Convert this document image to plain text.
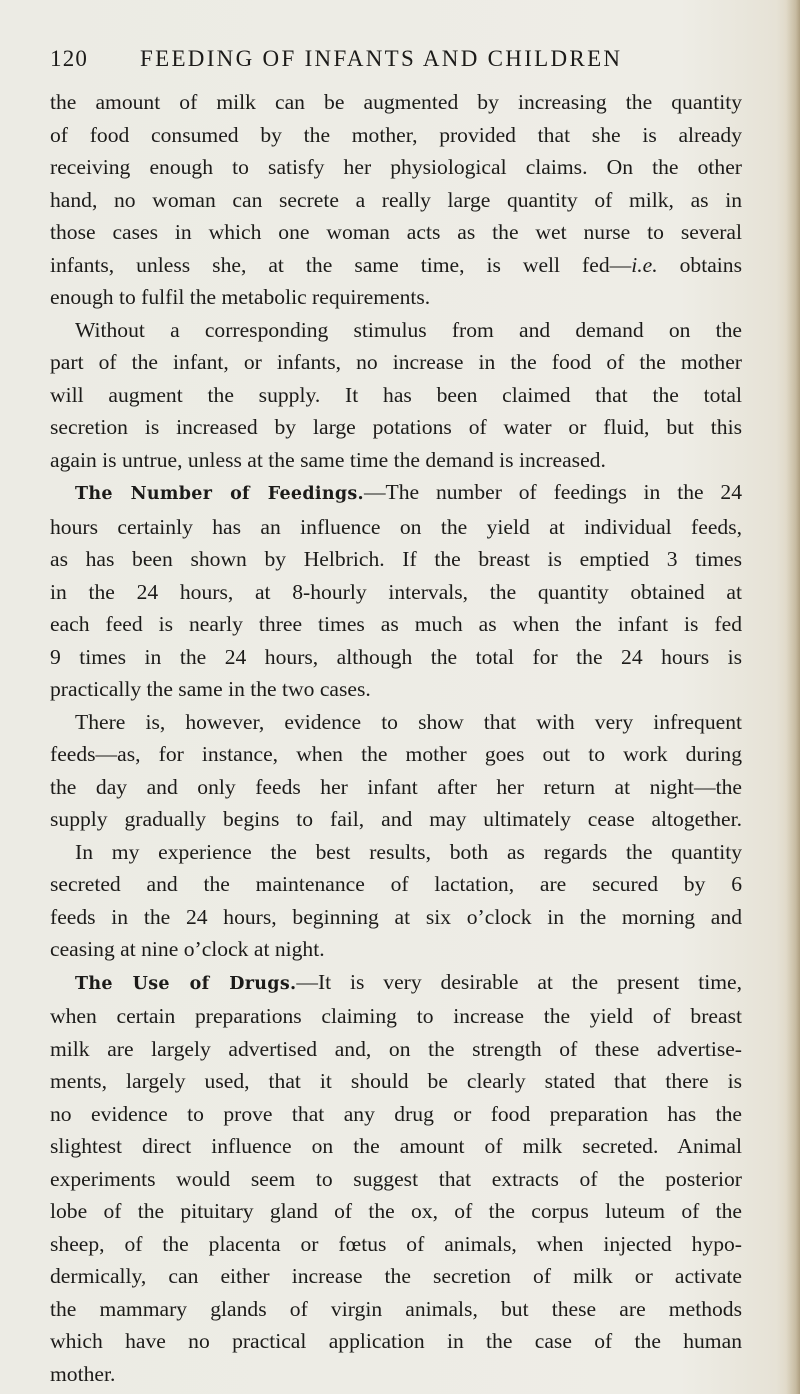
120	FEEDING OF INFANTS AND CHILDREN
the amount of milk can be augmented by increasing the quantity
of food consumed by the mother, provided that she is already
receiving enough to satisfy her physiological claims. On the other
hand, no woman can secrete a really large quantity of milk, as in
those cases in which one woman acts as the wet nurse to several
infants, unless she, at the same time, is well fed—i.e. obtains
enough to fulfil the metabolic requirements.
Without a corresponding stimulus from and demand on the
part of the infant, or infants, no increase in the food of the mother
will augment the supply. It has been claimed that the total
secretion is increased by large potations of water or fluid, but this
again is untrue, unless at the same time the demand is increased.
The Number of Feedings.—The number of feedings in the 24
hours certainly has an influence on the yield at individual feeds,
as has been shown by Helbrich. If the breast is emptied 3 times
in the 24 hours, at 8-hourly intervals, the quantity obtained at
each feed is nearly three times as much as when the infant is fed
9 times in the 24 hours, although the total for the 24 hours is
practically the same in the two cases.
There is, however, evidence to show that with very infrequent
feeds—as, for instance, when the mother goes out to work during
the day and only feeds her infant after her return at night—the
supply gradually begins to fail, and may ultimately cease altogether.
In my experience the best results, both as regards the quantity
secreted and the maintenance of lactation, are secured by 6
feeds in the 24 hours, beginning at six o’clock in the morning and
ceasing at nine o’clock at night.
The Use of Drugs.—It is very desirable at the present time,
when certain preparations claiming to increase the yield of breast
milk are largely advertised and, on the strength of these advertise-
ments, largely used, that it should be clearly stated that there is
no evidence to prove that any drug or food preparation has the
slightest direct influence on the amount of milk secreted. Animal
experiments would seem to suggest that extracts of the posterior
lobe of the pituitary gland of the ox, of the corpus luteum of the
sheep, of the placenta or fœtus of animals, when injected hypo-
dermically, can either increase the secretion of milk or activate
the mammary glands of virgin animals, but these are methods
which have no practical application in the case of the human
mother.
